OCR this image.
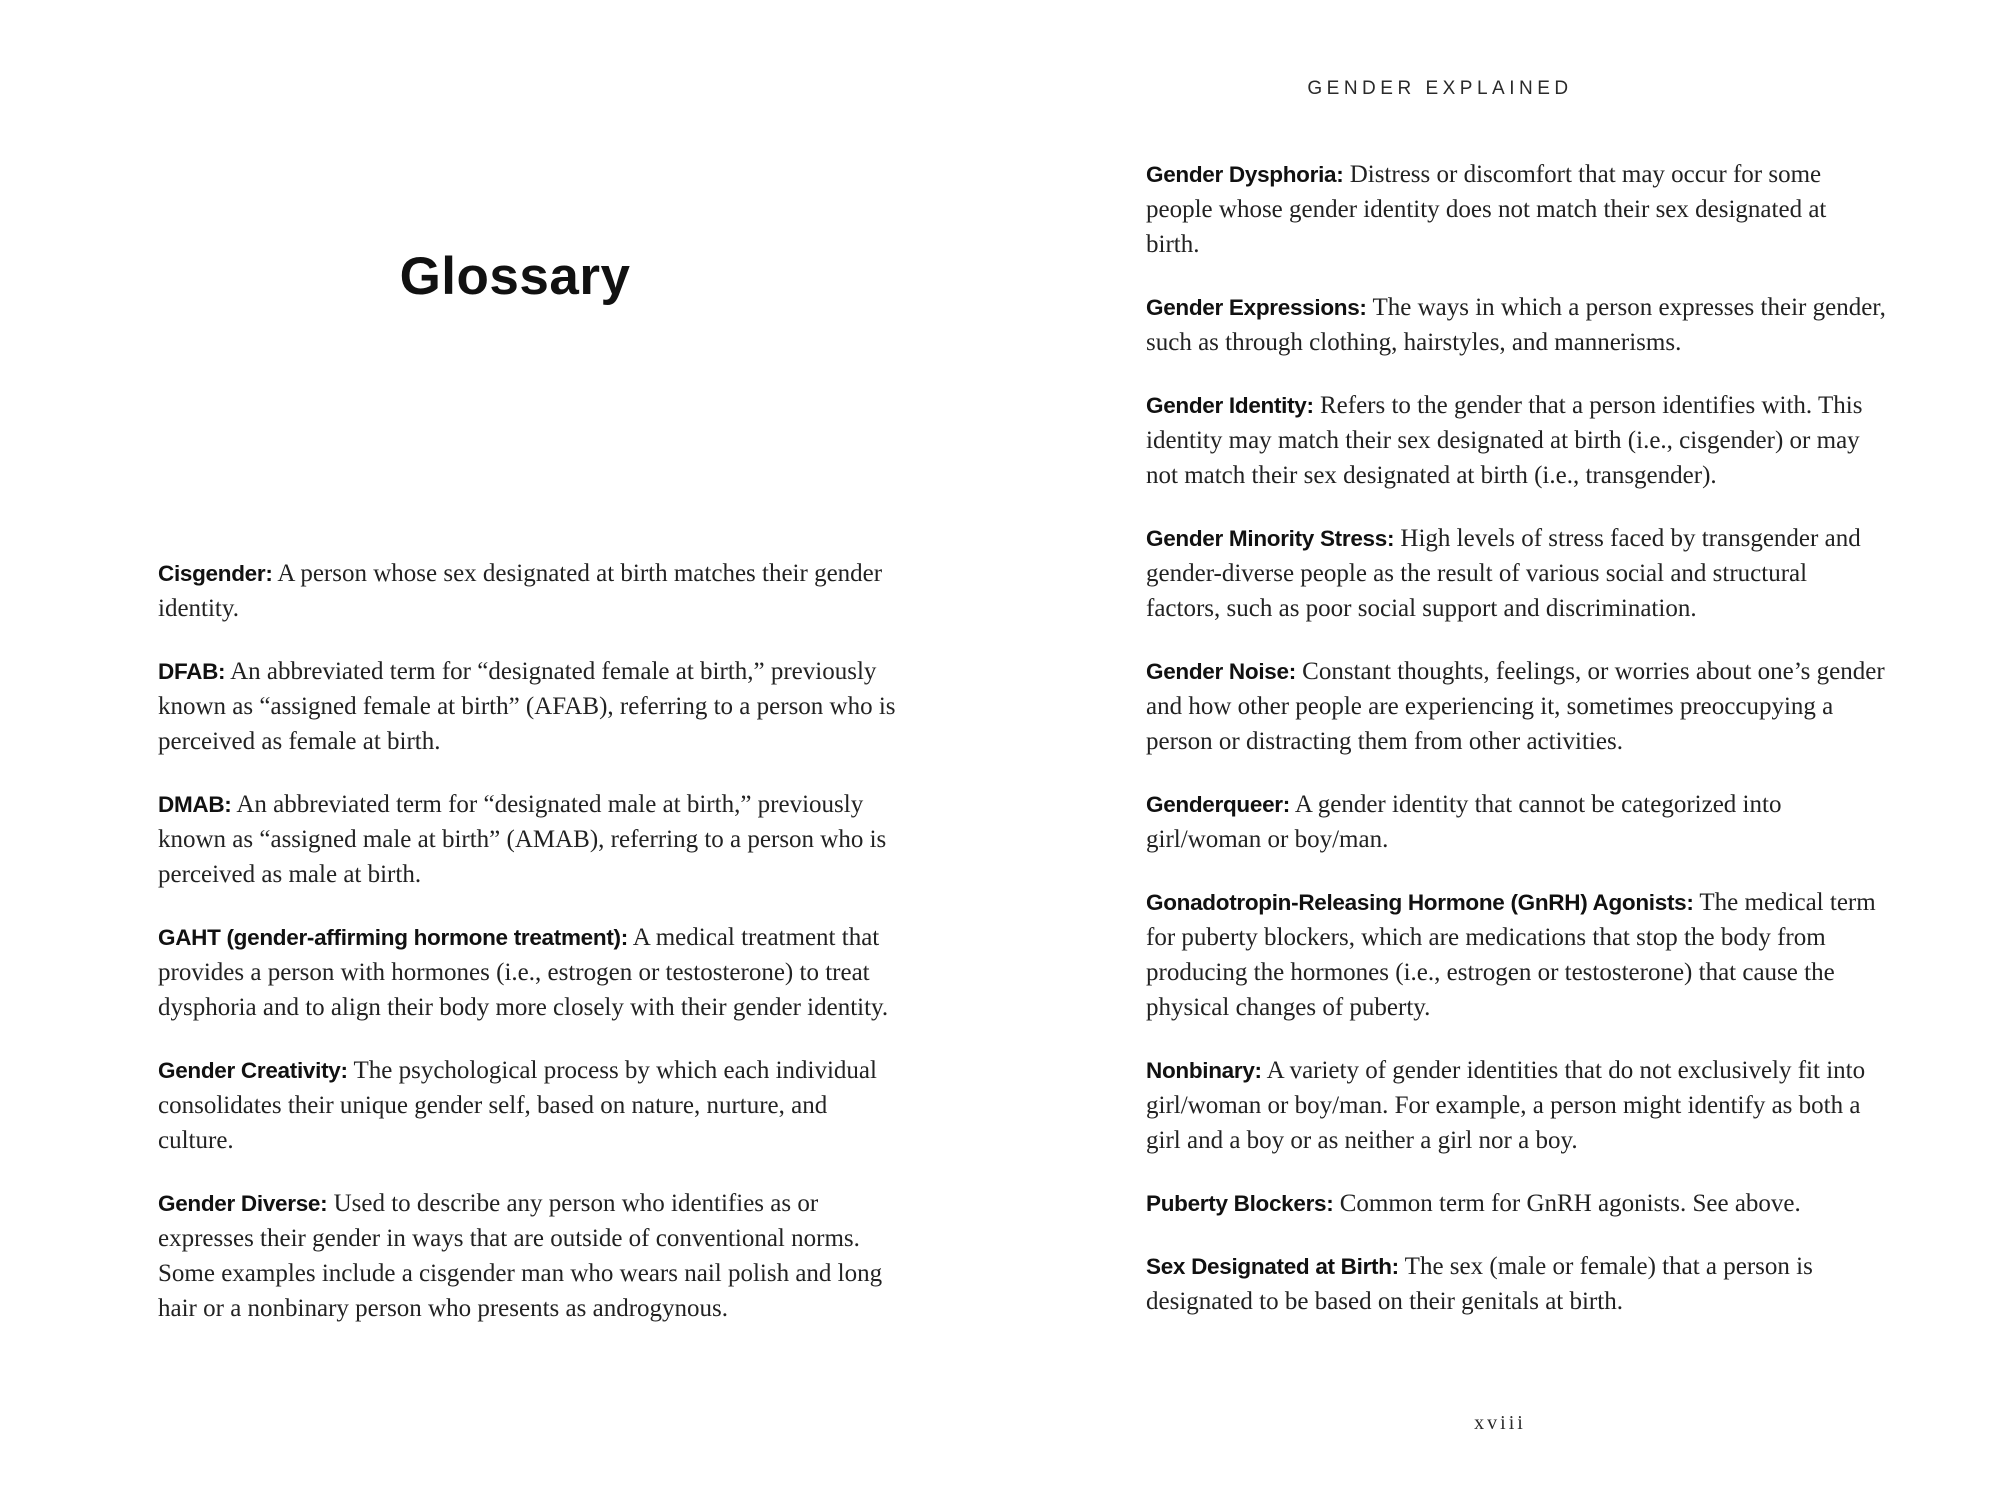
Glossary

Cisgender: A person whose sex designated at birth matches their gender identity.

DFAB: An abbreviated term for “designated female at birth,” previously known as “assigned female at birth” (AFAB), referring to a person who is perceived as female at birth.

DMAB: An abbreviated term for “designated male at birth,” previously known as “assigned male at birth” (AMAB), referring to a person who is perceived as male at birth.

GAHT (gender-affirming hormone treatment): A medical treatment that provides a person with hormones (i.e., estrogen or testosterone) to treat dysphoria and to align their body more closely with their gender identity.

Gender Creativity: The psychological process by which each individual consolidates their unique gender self, based on nature, nurture, and culture.

Gender Diverse: Used to describe any person who identifies as or expresses their gender in ways that are outside of conventional norms. Some examples include a cisgender man who wears nail polish and long hair or a nonbinary person who presents as androgynous.

GENDER EXPLAINED

Gender Dysphoria: Distress or discomfort that may occur for some people whose gender identity does not match their sex designated at birth.

Gender Expressions: The ways in which a person expresses their gender, such as through clothing, hairstyles, and mannerisms.

Gender Identity: Refers to the gender that a person identifies with. This identity may match their sex designated at birth (i.e., cisgender) or may not match their sex designated at birth (i.e., transgender).

Gender Minority Stress: High levels of stress faced by transgender and gender-diverse people as the result of various social and structural factors, such as poor social support and discrimination.

Gender Noise: Constant thoughts, feelings, or worries about one’s gender and how other people are experiencing it, sometimes preoccupying a person or distracting them from other activities.

Genderqueer: A gender identity that cannot be categorized into girl/woman or boy/man.

Gonadotropin-Releasing Hormone (GnRH) Agonists: The medical term for puberty blockers, which are medications that stop the body from producing the hormones (i.e., estrogen or testosterone) that cause the physical changes of puberty.

Nonbinary: A variety of gender identities that do not exclusively fit into girl/woman or boy/man. For example, a person might identify as both a girl and a boy or as neither a girl nor a boy.

Puberty Blockers: Common term for GnRH agonists. See above.

Sex Designated at Birth: The sex (male or female) that a person is designated to be based on their genitals at birth.

xviii
